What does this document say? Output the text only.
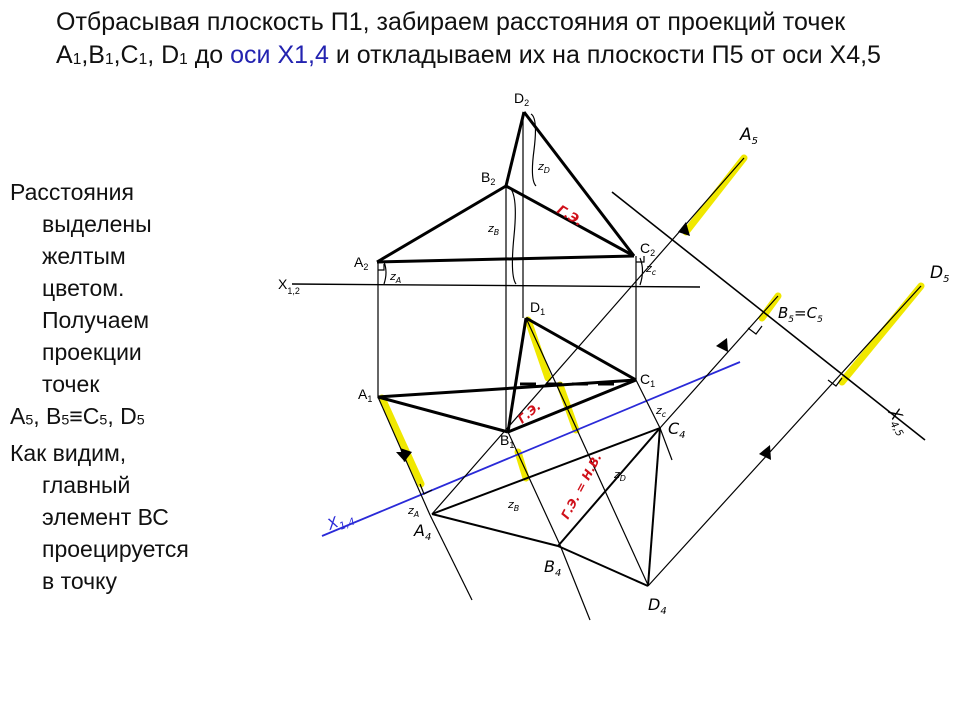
Отбрасывая плоскость П1, забираем расстояния от проекций точек $А_1,B_1,C_1$, $D_1$ до оси X1,4 и откладываем их на плоскости П5 от оси Х4,5
Расстояния
выделены
желтым
цветом.
Получаем
проекции
точек
$A_5$, $B_5\equiv C_5$, $D_5$
Как видим,
главный
элемент ВС
проецируется
в точку
$D_2$
$B_2$
$A_2$
$C_2$
$X_{1,2}$
$D_1$
$A_1$
$C_1$
$B_1$
$A_4$
$B_4$
$C_4$
$D_4$
$A_5$
$D_5$
$B_5=C_5$
$X_{1,4}$
$X_{4,5}$
$z_D$
$z_B$
$z_A$
$z_c$
$z_B$
$z_A$
$z_c$
$z_D$
Г.Э.
Г.Э.
Г.Э. = Н.В.
